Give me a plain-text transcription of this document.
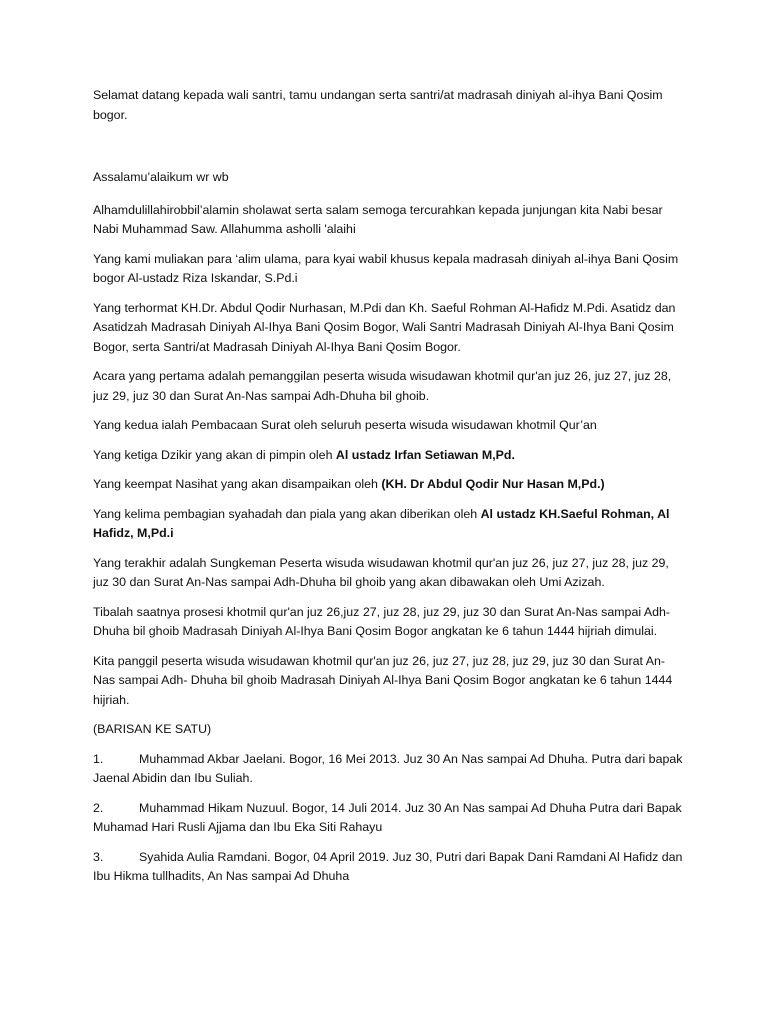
Selamat datang kepada wali santri, tamu undangan serta santri/at madrasah diniyah al-ihya Bani Qosim bogor.

Assalamu’alaikum wr wb

Alhamdulillahirobbil’alamin sholawat serta salam semoga tercurahkan kepada junjungan kita Nabi besar Nabi Muhammad Saw. Allahumma asholli 'alaihi

Yang kami muliakan para ‘alim ulama, para kyai wabil khusus kepala madrasah diniyah al-ihya Bani Qosim bogor Al-ustadz Riza Iskandar, S.Pd.i

Yang terhormat KH.Dr. Abdul Qodir Nurhasan, M.Pdi dan Kh. Saeful Rohman Al-Hafidz M.Pdi. Asatidz dan Asatidzah Madrasah Diniyah Al-Ihya Bani Qosim Bogor, Wali Santri Madrasah Diniyah Al-Ihya Bani Qosim Bogor, serta Santri/at Madrasah Diniyah Al-Ihya Bani Qosim Bogor.

Acara yang pertama adalah pemanggilan peserta wisuda wisudawan khotmil qur'an juz 26, juz 27, juz 28, juz 29, juz 30 dan Surat An-Nas sampai Adh-Dhuha bil ghoib.

Yang kedua ialah Pembacaan Surat oleh seluruh peserta wisuda wisudawan khotmil Qur’an

Yang ketiga Dzikir yang akan di pimpin oleh Al ustadz Irfan Setiawan M,Pd.

Yang keempat Nasihat yang akan disampaikan oleh (KH. Dr Abdul Qodir Nur Hasan M,Pd.)

Yang kelima pembagian syahadah dan piala yang akan diberikan oleh Al ustadz KH.Saeful Rohman, Al Hafidz, M,Pd.i

Yang terakhir adalah Sungkeman Peserta wisuda wisudawan khotmil qur'an juz 26, juz 27, juz 28, juz 29, juz 30 dan Surat An-Nas sampai Adh-Dhuha bil ghoib yang akan dibawakan oleh Umi Azizah.

Tibalah saatnya prosesi khotmil qur'an juz 26,juz 27, juz 28, juz 29, juz 30 dan Surat An-Nas sampai Adh-Dhuha bil ghoib Madrasah Diniyah Al-Ihya Bani Qosim Bogor angkatan ke 6 tahun 1444 hijriah dimulai.

Kita panggil peserta wisuda wisudawan khotmil qur'an juz 26, juz 27, juz 28, juz 29, juz 30 dan Surat An-Nas sampai Adh- Dhuha bil ghoib Madrasah Diniyah Al-Ihya Bani Qosim Bogor angkatan ke 6 tahun 1444 hijriah.

(BARISAN KE SATU)

1.	Muhammad Akbar Jaelani. Bogor, 16 Mei 2013. Juz 30 An Nas sampai Ad Dhuha. Putra dari bapak Jaenal Abidin dan Ibu Suliah.

2.	Muhammad Hikam Nuzuul. Bogor, 14 Juli 2014. Juz 30 An Nas sampai Ad Dhuha Putra dari Bapak Muhamad Hari Rusli Ajjama dan Ibu Eka Siti Rahayu

3.	Syahida Aulia Ramdani. Bogor, 04 April 2019. Juz 30, Putri dari Bapak Dani Ramdani Al Hafidz dan Ibu Hikma tullhadits, An Nas sampai Ad Dhuha
